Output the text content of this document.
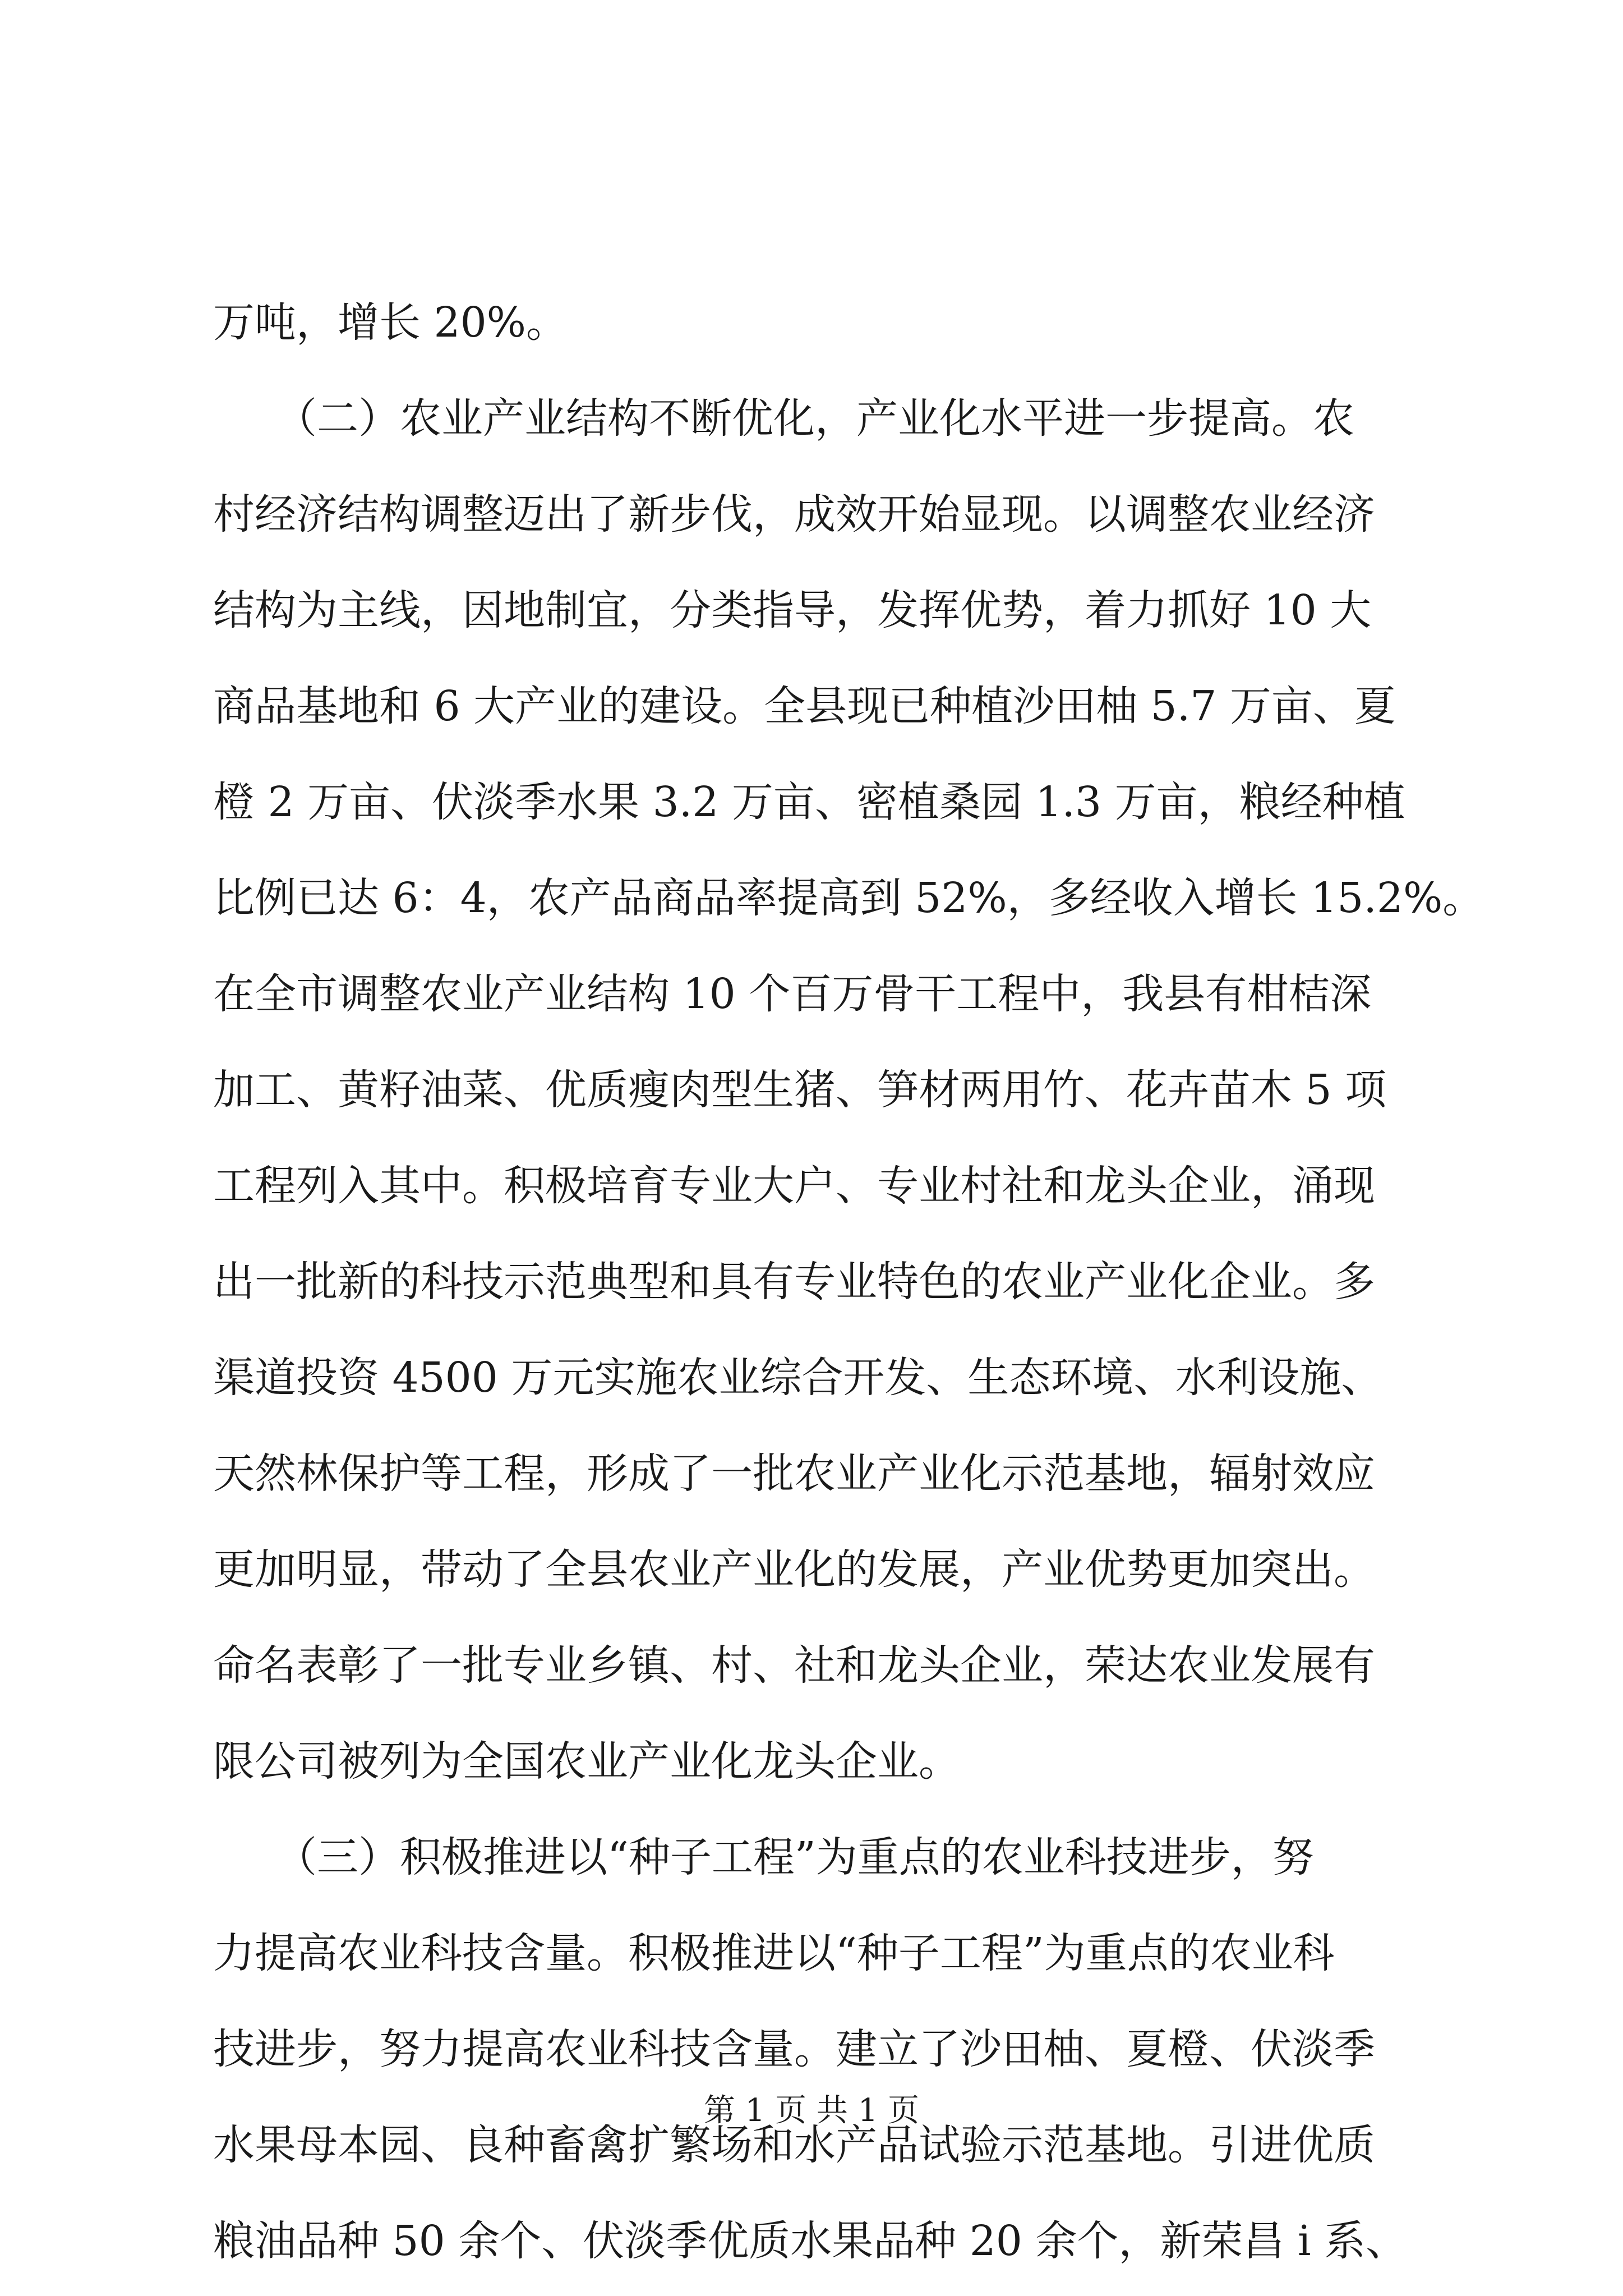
万吨，增长 20%。
　　（二）农业产业结构不断优化，产业化水平进一步提高。农
村经济结构调整迈出了新步伐，成效开始显现。以调整农业经济
结构为主线，因地制宜，分类指导，发挥优势，着力抓好 10 大
商品基地和 6 大产业的建设。全县现已种植沙田柚 5.7 万亩、夏
橙 2 万亩、伏淡季水果 3.2 万亩、密植桑园 1.3 万亩，粮经种植
比例已达 6：4，农产品商品率提高到 52%，多经收入增长 15.2%。
在全市调整农业产业结构 10 个百万骨干工程中，我县有柑桔深
加工、黄籽油菜、优质瘦肉型生猪、笋材两用竹、花卉苗木 5 项
工程列入其中。积极培育专业大户、专业村社和龙头企业，涌现
出一批新的科技示范典型和具有专业特色的农业产业化企业。多
渠道投资 4500 万元实施农业综合开发、生态环境、水利设施、
天然林保护等工程，形成了一批农业产业化示范基地，辐射效应
更加明显，带动了全县农业产业化的发展，产业优势更加突出。
命名表彰了一批专业乡镇、村、社和龙头企业，荣达农业发展有
限公司被列为全国农业产业化龙头企业。
　　（三）积极推进以“种子工程”为重点的农业科技进步，努
力提高农业科技含量。积极推进以“种子工程”为重点的农业科
技进步，努力提高农业科技含量。建立了沙田柚、夏橙、伏淡季
水果母本园、良种畜禽扩繁场和水产品试验示范基地。引进优质
粮油品种 50 余个、伏淡季优质水果品种 20 余个，新荣昌 i 系、
第 1 页 共 1 页
